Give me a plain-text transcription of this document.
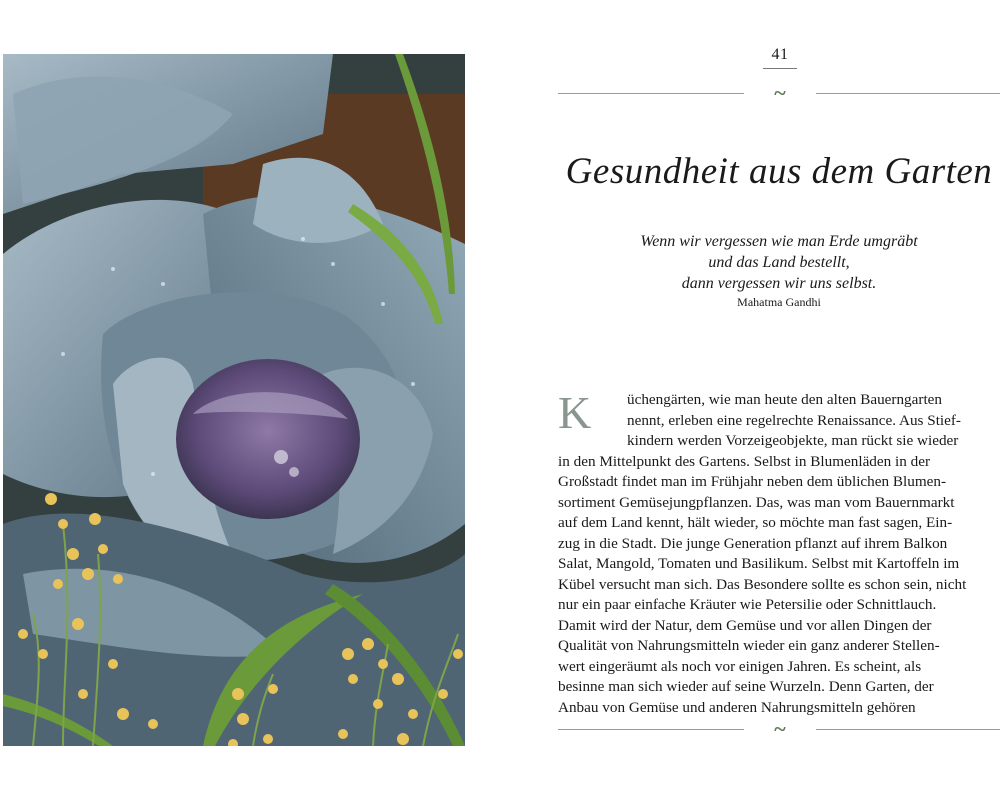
41
~
Gesundheit aus dem Garten
Wenn wir vergessen wie man Erde umgräbt
und das Land bestellt,
dann vergessen wir uns selbst.
Mahatma Gandhi
K	üchengärten, wie man heute den alten Bauerngarten
nennt, erleben eine regelrechte Renaissance. Aus Stief-
kindern werden Vorzeigeobjekte, man rückt sie wieder
in den Mittelpunkt des Gartens. Selbst in Blumenläden in der
Großstadt findet man im Frühjahr neben dem üblichen Blumen-
sortiment Gemüsejungpflanzen. Das, was man vom Bauernmarkt
auf dem Land kennt, hält wieder, so möchte man fast sagen, Ein-
zug in die Stadt. Die junge Generation pflanzt auf ihrem Balkon
Salat, Mangold, Tomaten und Basilikum. Selbst mit Kartoffeln im
Kübel versucht man sich. Das Besondere sollte es schon sein, nicht
nur ein paar einfache Kräuter wie Petersilie oder Schnittlauch.
Damit wird der Natur, dem Gemüse und vor allen Dingen der
Qualität von Nahrungsmitteln wieder ein ganz anderer Stellen-
wert eingeräumt als noch vor einigen Jahren. Es scheint, als
besinne man sich wieder auf seine Wurzeln. Denn Garten, der
Anbau von Gemüse und anderen Nahrungsmitteln gehören
~
